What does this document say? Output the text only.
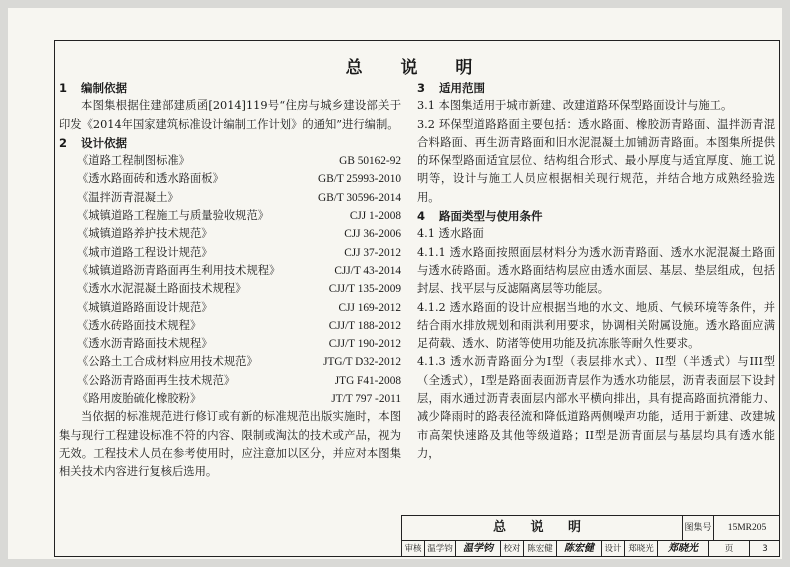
总 说 明

1 编制依据

本图集根据住建部建质函[2014]119号“住房与城乡建设部关于印发《2014年国家建筑标准设计编制工作计划》的通知”进行编制。

2 设计依据

《道路工程制图标准》	GB 50162-92
《透水路面砖和透水路面板》	GB/T 25993-2010
《温拌沥青混凝土》	GB/T 30596-2014
《城镇道路工程施工与质量验收规范》	CJJ 1-2008
《城镇道路养护技术规范》	CJJ 36-2006
《城市道路工程设计规范》	CJJ 37-2012
《城镇道路沥青路面再生利用技术规程》	CJJ/T 43-2014
《透水水泥混凝土路面技术规程》	CJJ/T 135-2009
《城镇道路路面设计规范》	CJJ 169-2012
《透水砖路面技术规程》	CJJ/T 188-2012
《透水沥青路面技术规程》	CJJ/T 190-2012
《公路土工合成材料应用技术规范》	JTG/T D32-2012
《公路沥青路面再生技术规范》	JTG F41-2008
《路用废胎硫化橡胶粉》	JT/T 797 -2011

当依据的标准规范进行修订或有新的标准规范出版实施时，本图集与现行工程建设标准不符的内容、限制或淘汰的技术或产品，视为无效。工程技术人员在参考使用时，应注意加以区分，并应对本图集相关技术内容进行复核后选用。

3 适用范围

3.1 本图集适用于城市新建、改建道路环保型路面设计与施工。

3.2 环保型道路路面主要包括：透水路面、橡胶沥青路面、温拌沥青混合料路面、再生沥青路面和旧水泥混凝土加铺沥青路面。本图集所提供的环保型路面适宜层位、结构组合形式、最小厚度与适宜厚度、施工说明等，设计与施工人员应根据相关现行规范，并结合地方成熟经验选用。

4 路面类型与使用条件

4.1 透水路面

4.1.1 透水路面按照面层材料分为透水沥青路面、透水水泥混凝土路面与透水砖路面。透水路面结构层应由透水面层、基层、垫层组成，包括封层、找平层与反滤隔离层等功能层。

4.1.2 透水路面的设计应根据当地的水文、地质、气候环境等条件，并结合雨水排放规划和雨洪利用要求，协调相关附属设施。透水路面应满足荷载、透水、防渚等使用功能及抗冻胀等耐久性要求。

4.1.3 透水沥青路面分为I型（表层排水式）、II型（半透式）与III型（全透式），I型是路面表面沥青层作为透水功能层，沥青表面层下设封层，雨水通过沥青表面层内部水平横向排出，具有提高路面抗滑能力、减少降雨时的路表径流和降低道路两侧噪声功能，适用于新建、改建城市高架快速路及其他等级道路；II型是沥青面层与基层均具有透水能力，

总 说 明	图集号	15MR205
审核 温学钧	温学钧	校对 陈宏健	陈宏健	设计 郑晓光	郑晓光	页	3
